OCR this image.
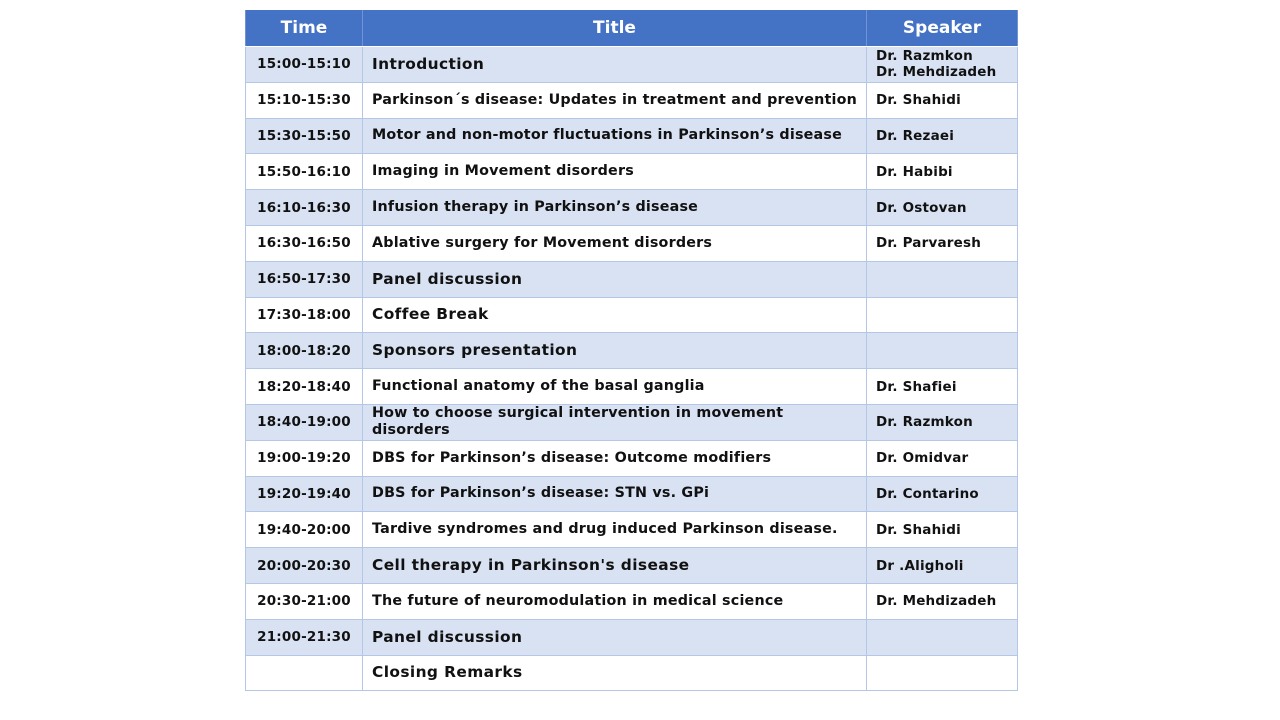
Time	Title	Speaker
15:00-15:10	Introduction	Dr. Razmkon
Dr. Mehdizadeh

15:10-15:30	Parkinson´s disease: Updates in treatment and prevention	Dr. Shahidi

15:30-15:50	Motor and non-motor fluctuations in Parkinson’s disease	Dr. Rezaei

15:50-16:10	Imaging in Movement disorders	Dr. Habibi

16:10-16:30	Infusion therapy in Parkinson’s disease	Dr. Ostovan

16:30-16:50	Ablative surgery for Movement disorders	Dr. Parvaresh

16:50-17:30	Panel discussion	
17:30-18:00	Coffee Break	
18:00-18:20	Sponsors presentation	
18:20-18:40	Functional anatomy of the basal ganglia	Dr. Shafiei

18:40-19:00	How to choose surgical intervention in movement disorders	Dr. Razmkon

19:00-19:20	DBS for Parkinson’s disease: Outcome modifiers	Dr. Omidvar

19:20-19:40	DBS for Parkinson’s disease: STN vs. GPi	Dr. Contarino

19:40-20:00	Tardive syndromes and drug induced Parkinson disease.	Dr. Shahidi

20:00-20:30	Cell therapy in Parkinson's disease	Dr .Aligholi

20:30-21:00	The future of neuromodulation in medical science	Dr. Mehdizadeh

21:00-21:30	Panel discussion	
	Closing Remarks	
